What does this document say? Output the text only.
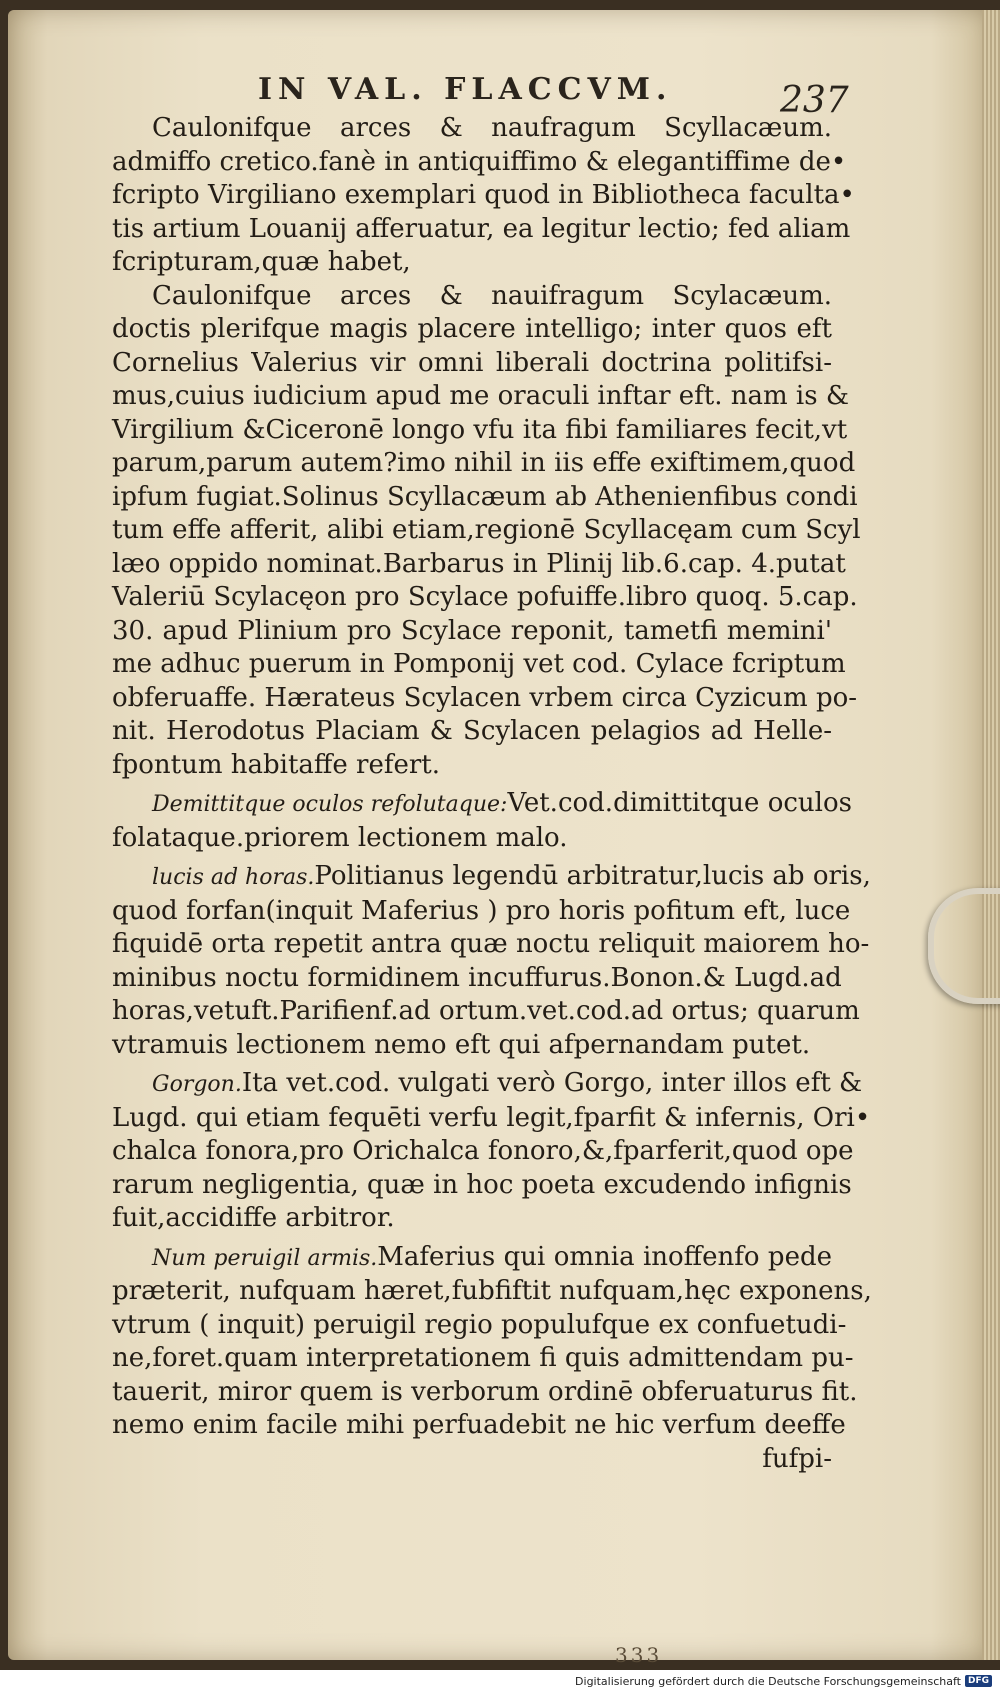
IN VAL. FLACCVM.	237
Caulonifque arces & naufragum Scyllacæum.
admiffo cretico.fanè in antiquiffimo & elegantiffime de•
fcripto Virgiliano exemplari quod in Bibliotheca faculta•
tis artium Louanij afferuatur, ea legitur lectio; fed aliam
fcripturam,quæ habet,
Caulonifque arces & nauifragum Scylacæum.
doctis plerifque magis placere intelligo; inter quos eft
Cornelius Valerius vir omni liberali doctrina politifsi-
mus,cuius iudicium apud me oraculi inftar eft. nam is &
Virgilium &Ciceronē longo vfu ita fibi familiares fecit,vt
parum,parum autem?imo nihil in iis effe exiftimem,quod
ipfum fugiat.Solinus Scyllacæum ab Athenienfibus condi
tum effe afferit, alibi etiam,regionē Scyllacęam cum Scyl
læo oppido nominat.Barbarus in Plinij lib.6.cap. 4.putat
Valeriū Scylacęon pro Scylace pofuiffe.libro quoq. 5.cap.
30. apud Plinium pro Scylace reponit, tametfi memini'
me adhuc puerum in Pomponij vet cod. Cylace fcriptum
obferuaffe. Hærateus Scylacen vrbem circa Cyzicum po-
nit. Herodotus Placiam & Scylacen pelagios ad Helle-
fpontum habitaffe refert.
Demittitque oculos refolutaque:Vet.cod.dimittitque oculos
folataque.priorem lectionem malo.
lucis ad horas.Politianus legendū arbitratur,lucis ab oris,
quod forfan(inquit Maferius ) pro horis pofitum eft, luce
fiquidē orta repetit antra quæ noctu reliquit maiorem ho-
minibus noctu formidinem incuffurus.Bonon.& Lugd.ad
horas,vetuft.Parifienf.ad ortum.vet.cod.ad ortus; quarum
vtramuis lectionem nemo eft qui afpernandam putet.
Gorgon.Ita vet.cod. vulgati verò Gorgo, inter illos eft &
Lugd. qui etiam fequēti verfu legit,fparfit & infernis, Ori•
chalca fonora,pro Orichalca fonoro,&,fparferit,quod ope
rarum negligentia, quæ in hoc poeta excudendo infignis
fuit,accidiffe arbitror.
Num peruigil armis.Maferius qui omnia inoffenfo pede
præterit, nufquam hæret,fubfiftit nufquam,hęc exponens,
vtrum ( inquit) peruigil regio populufque ex confuetudi-
ne,foret.quam interpretationem fi quis admittendam pu-
tauerit, miror quem is verborum ordinē obferuaturus fit.
nemo enim facile mihi perfuadebit ne hic verfum deeffe
fufpi-
333
Digitalisierung gefördert durch die Deutsche Forschungsgemeinschaft DFG
